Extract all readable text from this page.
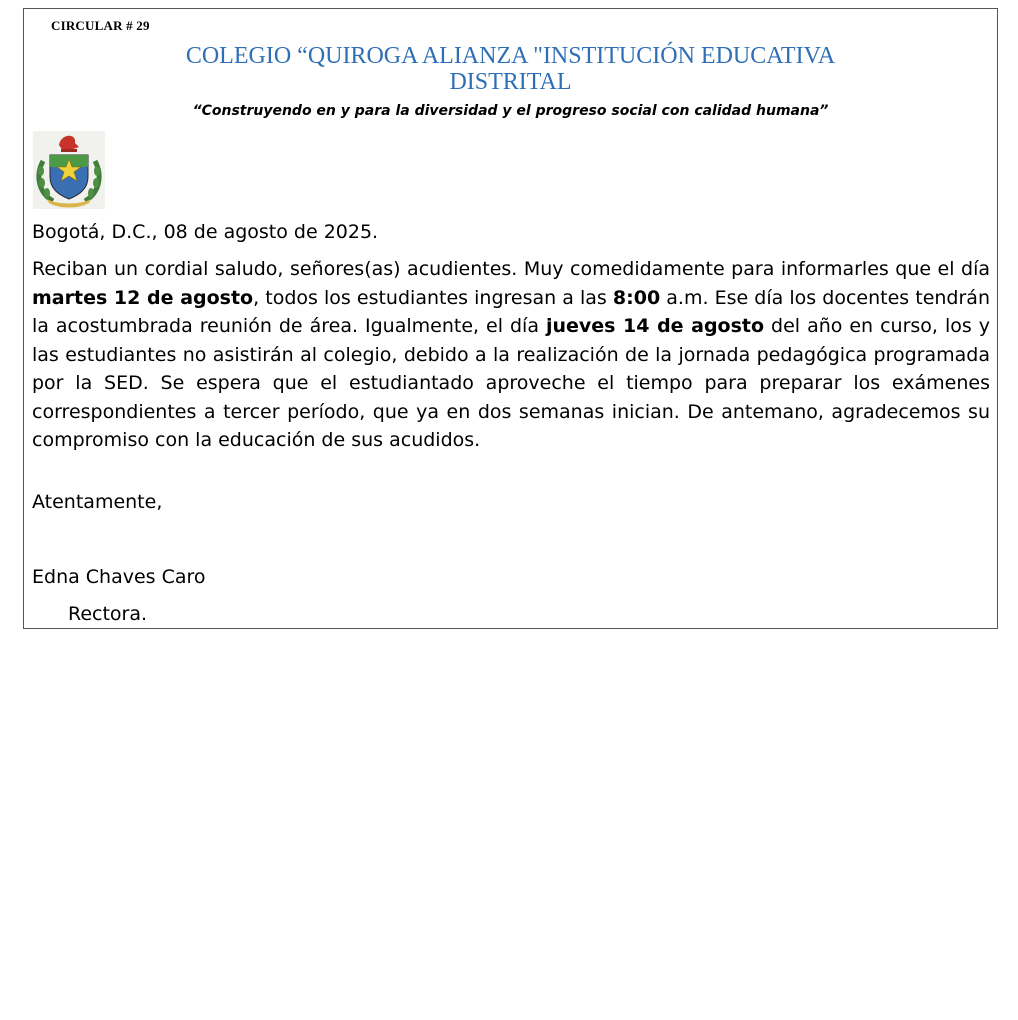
CIRCULAR # 29
COLEGIO “QUIROGA ALIANZA "INSTITUCIÓN EDUCATIVA
DISTRITAL
“Construyendo en y para la diversidad y el progreso social con calidad humana”
Bogotá, D.C., 08 de agosto de 2025.
Reciban un cordial saludo, señores(as) acudientes. Muy comedidamente para informarles que el día martes 12 de agosto, todos los estudiantes ingresan a las 8:00 a.m. Ese día los docentes tendrán la acostumbrada reunión de área. Igualmente, el día jueves 14 de agosto del año en curso, los y las estudiantes no asistirán al colegio, debido a la realización de la jornada pedagógica programada por la SED. Se espera que el estudiantado aproveche el tiempo para preparar los exámenes correspondientes a tercer período, que ya en dos semanas inician. De antemano, agradecemos su compromiso con la educación de sus acudidos.
Atentamente,
Edna Chaves Caro
Rectora.
